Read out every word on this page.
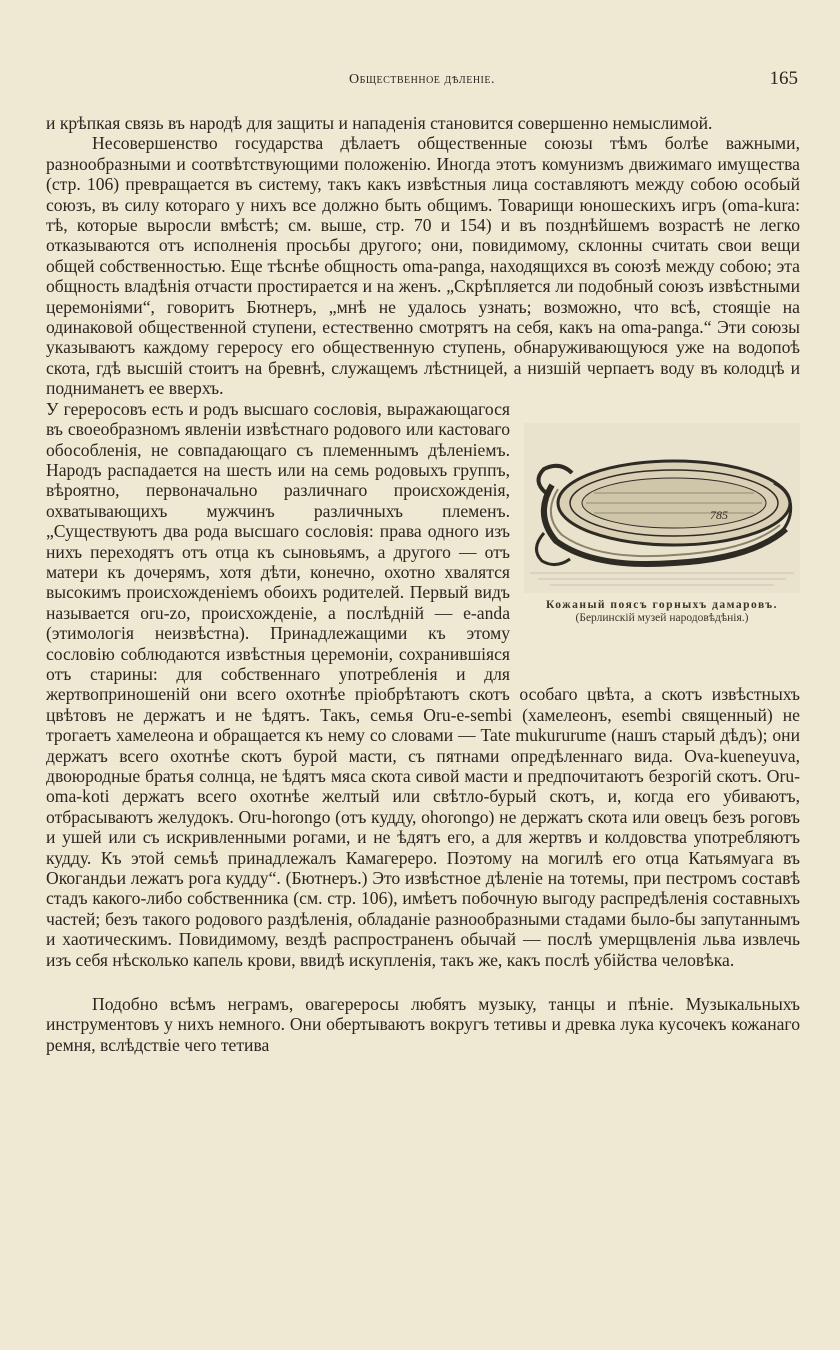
Общественное дѣленіе.	165

и крѣпкая связь въ народѣ для защиты и нападенія становится совершенно немыслимой.

Несовершенство государства дѣлаетъ общественные союзы тѣмъ болѣе важными, разнообразными и соотвѣтствующими положенію. Иногда этотъ комунизмъ движимаго имущества (стр. 106) превращается въ систему, такъ какъ извѣстныя лица составляютъ между собою особый союзъ, въ силу котораго у нихъ все должно быть общимъ. Товарищи юношескихъ игръ (oma-kura: тѣ, которые выросли вмѣстѣ; см. выше, стр. 70 и 154) и въ позднѣйшемъ возрастѣ не легко отказываются отъ исполненія просьбы другого; они, повидимому, склонны считать свои вещи общей собственностью. Еще тѣснѣе общность oma-panga, находящихся въ союзѣ между собою; эта общность владѣнія отчасти простирается и на женъ. „Скрѣпляется ли подобный союзъ извѣстными церемоніями“, говоритъ Бютнеръ, „мнѣ не удалось узнать; возможно, что всѣ, стоящіе на одинаковой общественной ступени, естественно смотрятъ на себя, какъ на oma-panga.“ Эти союзы указываютъ каждому гереросу его общественную ступень, обнаруживающуюся уже на водопоѣ скота, гдѣ высшій стоитъ на бревнѣ, служащемъ лѣстницей, а низшій черпаетъ воду въ колодцѣ и подниманетъ ее вверхъ.

785
Кожаный поясъ горныхъ дамаровъ. (Берлинскій музей народовѣдѣнія.)

У гереросовъ есть и родъ высшаго сословія, выражающагося въ своеобразномъ явленіи извѣстнаго родового или кастоваго обособленія, не совпадающаго съ племеннымъ дѣленіемъ. Народъ распадается на шесть или на семь родовыхъ группъ, вѣроятно, первоначально различнаго происхожденія, охватывающихъ мужчинъ различныхъ племенъ. „Существуютъ два рода высшаго сословія: права одного изъ нихъ переходятъ отъ отца къ сыновьямъ, а другого — отъ матери къ дочерямъ, хотя дѣти, конечно, охотно хвалятся высокимъ происхожденіемъ обоихъ родителей. Первый видъ называется oru-zo, происхожденіе, а послѣдній — e-anda (этимологія неизвѣстна). Принадлежащими къ этому сословію соблюдаются извѣстныя церемоніи, сохранившіяся отъ старины: для собственнаго употребленія и для жертвоприношеній они всего охотнѣе пріобрѣтаютъ скотъ особаго цвѣта, а скотъ извѣстныхъ цвѣтовъ не держатъ и не ѣдятъ. Такъ, семья Oru-e-sembi (хамелеонъ, esembi священный) не трогаетъ хамелеона и обращается къ нему со словами — Tate mukururume (нашъ старый дѣдъ); они держатъ всего охотнѣе скотъ бурой масти, съ пятнами опредѣленнаго вида. Ova-kuenеyuva, двоюродные братья солнца, не ѣдятъ мяса скота сивой масти и предпочитаютъ безрогій скотъ. Oru-oma-koti держатъ всего охотнѣе желтый или свѣтло-бурый скотъ, и, когда его убиваютъ, отбрасываютъ желудокъ. Oru-horongo (отъ кудду, ohorongo) не держатъ скота или овецъ безъ роговъ и ушей или съ искривленными рогами, и не ѣдятъ его, а для жертвъ и колдовства употребляютъ кудду. Къ этой семьѣ принадлежалъ Камагереро. Поэтому на могилѣ его отца Катьямуага въ Окогандьи лежатъ рога кудду“. (Бютнеръ.) Это извѣстное дѣленіе на тотемы, при пестромъ составѣ стадъ какого-либо собственника (см. стр. 106), имѣетъ побочную выгоду распредѣленія составныхъ частей; безъ такого родового раздѣленія, обладаніе разнообразными стадами было-бы запутаннымъ и хаотическимъ. Повидимому, вездѣ распространенъ обычай — послѣ умерщвленія льва извлечь изъ себя нѣсколько капель крови, ввидѣ искупленія, такъ же, какъ послѣ убійства человѣка.

Подобно всѣмъ неграмъ, овагереросы любятъ музыку, танцы и пѣніе. Музыкальныхъ инструментовъ у нихъ немного. Они обертываютъ вокругъ тетивы и древка лука кусочекъ кожанаго ремня, вслѣдствіе чего тетива
